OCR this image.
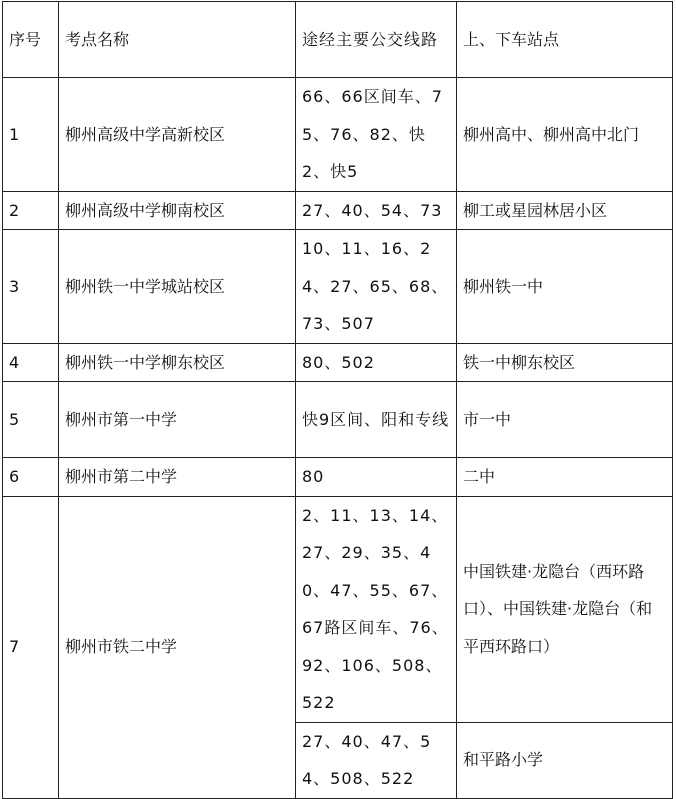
序号	考点名称	途经主要公交线路	上、下车站点
1	柳州高级中学高新校区	66、66区间车、75、76、82、快2、快5	柳州高中、柳州高中北门
2	柳州高级中学柳南校区	27、40、54、73	柳工或星园林居小区
3	柳州铁一中学城站校区	10、11、16、24、27、65、68、73、507	柳州铁一中
4	柳州铁一中学柳东校区	80、502	铁一中柳东校区
5	柳州市第一中学	快9区间、阳和专线	市一中
6	柳州市第二中学	80	二中
7	柳州市铁二中学	2、11、13、14、27、29、35、40、47、55、67、67路区间车、76、92、106、508、522	中国铁建·龙隐台（西环路口）、中国铁建·龙隐台（和平西环路口）
		27、40、47、54、508、522	和平路小学
